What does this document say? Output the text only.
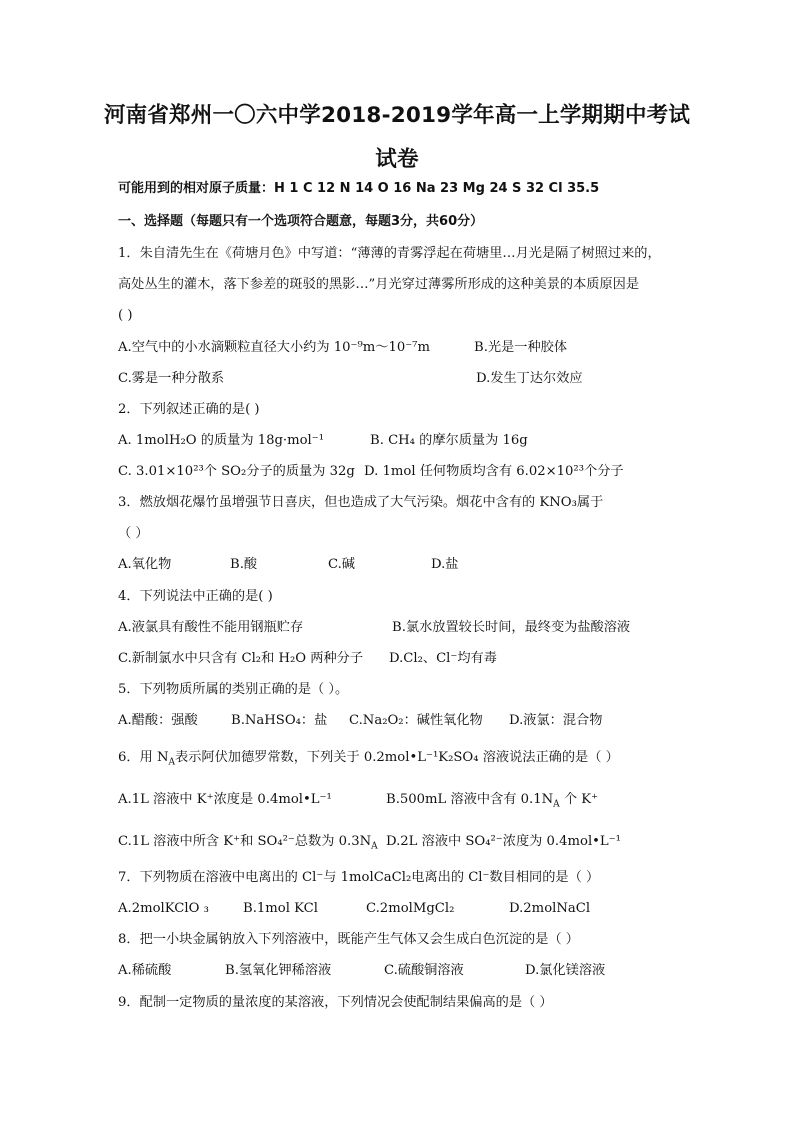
河南省郑州一〇六中学2018-2019学年高一上学期期中考试
试卷
可能用到的相对原子质量：H 1 C 12 N 14 O 16 Na 23 Mg 24 S 32 Cl 35.5
一、选择题（每题只有一个选项符合题意，每题3分，共60分）
1．朱自清先生在《荷塘月色》中写道：“薄薄的青雾浮起在荷塘里…月光是隔了树照过来的，
高处丛生的灌木，落下参差的斑驳的黑影…”月光穿过薄雾所形成的这种美景的本质原因是
( )
A.空气中的小水滴颗粒直径大小约为 10⁻⁹m～10⁻⁷m	B.光是一种胶体
C.雾是一种分散系	D.发生丁达尔效应
2．下列叙述正确的是( )
A. 1molH₂O 的质量为 18g·mol⁻¹	B. CH₄ 的摩尔质量为 16g
C. 3.01×10²³个 SO₂分子的质量为 32g D. 1mol 任何物质均含有 6.02×10²³个分子
3．燃放烟花爆竹虽增强节日喜庆，但也造成了大气污染。烟花中含有的 KNO₃属于
（ ）
A.氧化物	B.酸	C.碱	D.盐
4．下列说法中正确的是( )
A.液氯具有酸性不能用钢瓶贮存	B.氯水放置较长时间，最终变为盐酸溶液
C.新制氯水中只含有 Cl₂和 H₂O 两种分子 D.Cl₂、Cl⁻均有毒
5．下列物质所属的类别正确的是（ ）。
A.醋酸：强酸	B.NaHSO₄：盐 C.Na₂O₂：碱性氧化物 D.液氯：混合物
6．用 $N_A$表示阿伏加德罗常数，下列关于 0.2mol•L⁻¹K₂SO₄ 溶液说法正确的是（ ）
A.1L 溶液中 K⁺浓度是 0.4mol•L⁻¹	B.500mL 溶液中含有 $0.1N_A$ 个 K⁺
C.1L 溶液中所含 K⁺和 SO₄²⁻总数为 $0.3N_A$ D.2L 溶液中 SO₄²⁻浓度为 0.4mol•L⁻¹
7．下列物质在溶液中电离出的 Cl⁻与 1molCaCl₂电离出的 Cl⁻数目相同的是（ ）
A.2molKClO ₃	B.1mol KCl	C.2molMgCl₂	D.2molNaCl
8．把一小块金属钠放入下列溶液中，既能产生气体又会生成白色沉淀的是（ ）
A.稀硫酸	B.氢氧化钾稀溶液	C.硫酸铜溶液	D.氯化镁溶液
9．配制一定物质的量浓度的某溶液，下列情况会使配制结果偏高的是（ ）
